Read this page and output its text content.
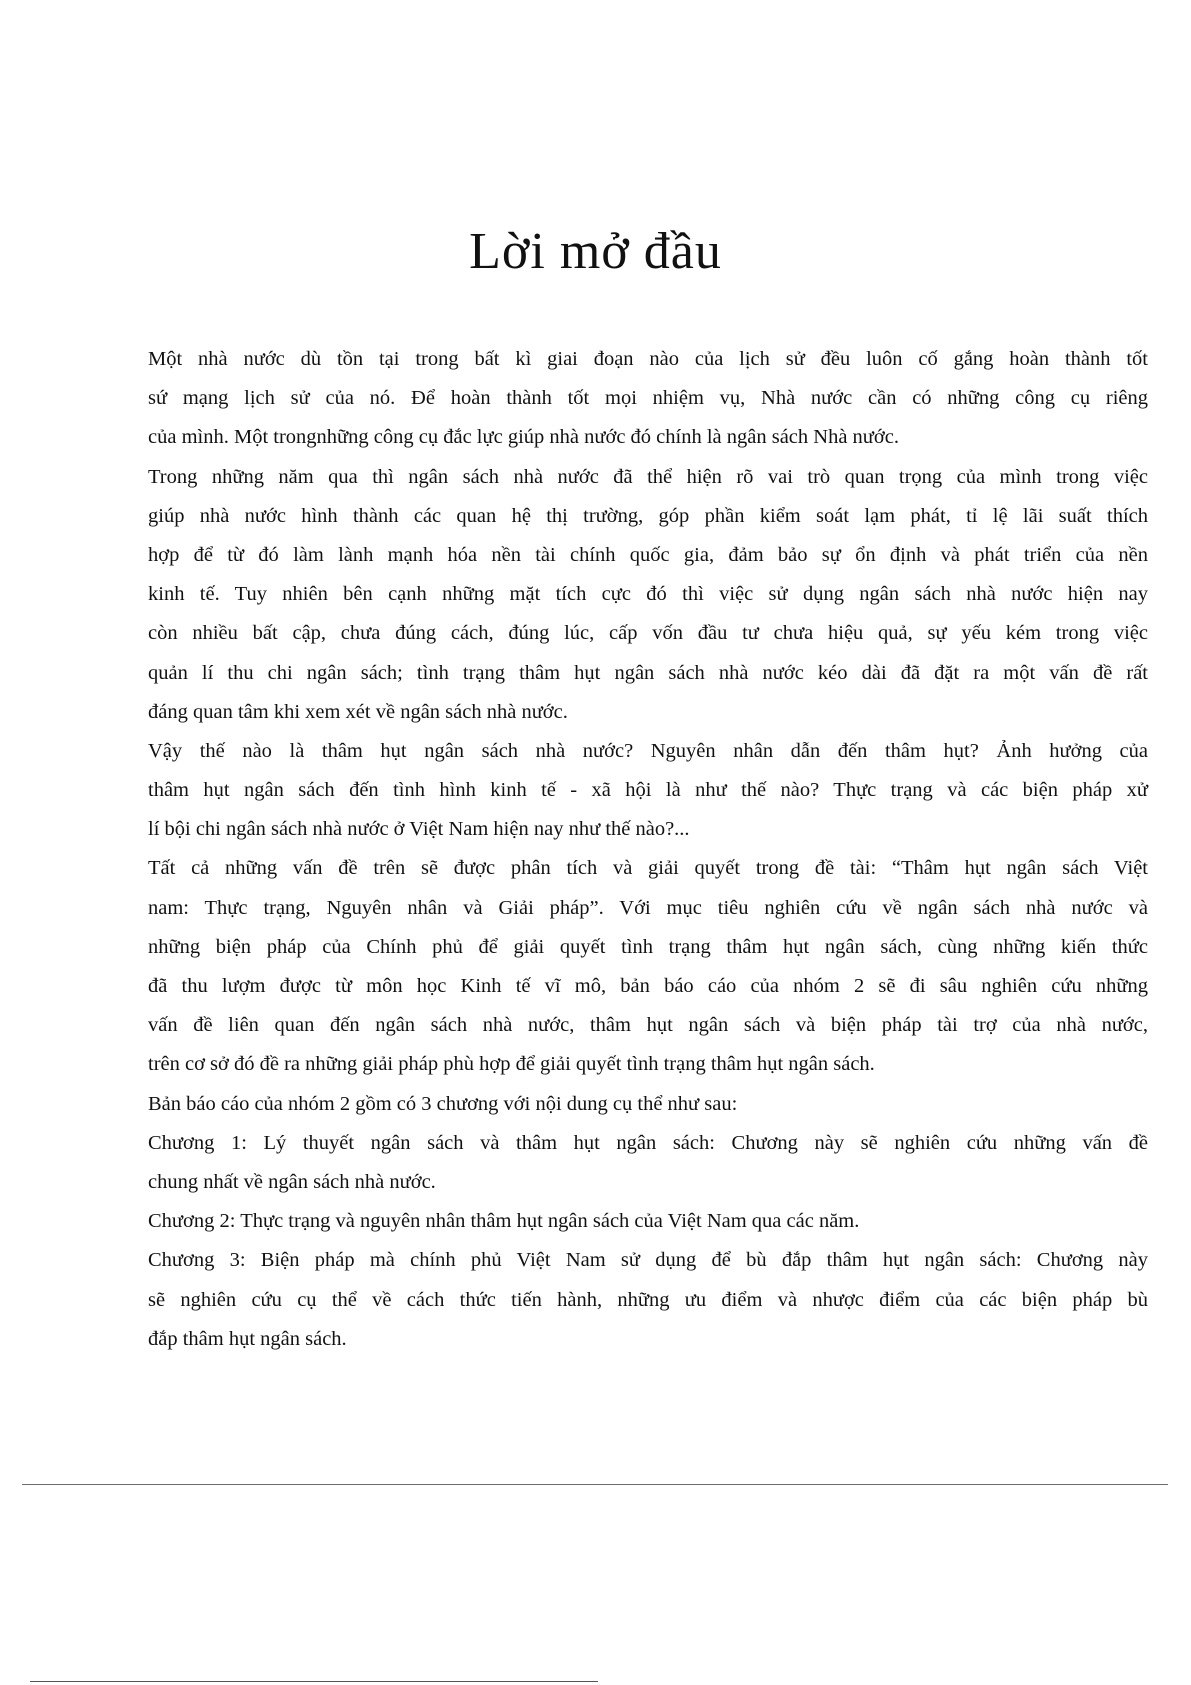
Lời mở đầu
Một nhà nước dù tồn tại trong bất kì giai đoạn nào của lịch sử đều luôn cố gắng hoàn thành tốt
sứ mạng lịch sử của nó. Để hoàn thành tốt mọi nhiệm vụ, Nhà nước cần có những công cụ riêng
của mình. Một trongnhững công cụ đắc lực giúp nhà nước đó chính là ngân sách Nhà nước.
Trong những năm qua thì ngân sách nhà nước đã thể hiện rõ vai trò quan trọng của mình trong việc
giúp nhà nước hình thành các quan hệ thị trường, góp phần kiểm soát lạm phát, tỉ lệ lãi suất thích
hợp để từ đó làm lành mạnh hóa nền tài chính quốc gia, đảm bảo sự ổn định và phát triển của nền
kinh tế. Tuy nhiên bên cạnh những mặt tích cực đó thì việc sử dụng ngân sách nhà nước hiện nay
còn nhiều bất cập, chưa đúng cách, đúng lúc, cấp vốn đầu tư chưa hiệu quả, sự yếu kém trong việc
quản lí thu chi ngân sách; tình trạng thâm hụt ngân sách nhà nước kéo dài đã đặt ra một vấn đề rất
đáng quan tâm khi xem xét về ngân sách nhà nước.
Vậy thế nào là thâm hụt ngân sách nhà nước? Nguyên nhân dẫn đến thâm hụt? Ảnh hưởng của
thâm hụt ngân sách đến tình hình kinh tế - xã hội là như thế nào? Thực trạng và các biện pháp xử
lí bội chi ngân sách nhà nước ở Việt Nam hiện nay như thế nào?...
Tất cả những vấn đề trên sẽ được phân tích và giải quyết trong đề tài: “Thâm hụt ngân sách Việt
nam: Thực trạng, Nguyên nhân và Giải pháp”. Với mục tiêu nghiên cứu về ngân sách nhà nước và
những biện pháp của Chính phủ để giải quyết tình trạng thâm hụt ngân sách, cùng những kiến thức
đã thu lượm được từ môn học Kinh tế vĩ mô, bản báo cáo của nhóm 2 sẽ đi sâu nghiên cứu những
vấn đề liên quan đến ngân sách nhà nước, thâm hụt ngân sách và biện pháp tài trợ của nhà nước,
trên cơ sở đó đề ra những giải pháp phù hợp để giải quyết tình trạng thâm hụt ngân sách.
Bản báo cáo của nhóm 2 gồm có 3 chương với nội dung cụ thể như sau:
Chương 1: Lý thuyết ngân sách và thâm hụt ngân sách: Chương này sẽ nghiên cứu những vấn đề
chung nhất về ngân sách nhà nước.
Chương 2: Thực trạng và nguyên nhân thâm hụt ngân sách của Việt Nam qua các năm.
Chương 3: Biện pháp mà chính phủ Việt Nam sử dụng để bù đắp thâm hụt ngân sách: Chương này
sẽ nghiên cứu cụ thể về cách thức tiến hành, những ưu điểm và nhược điểm của các biện pháp bù
đắp thâm hụt ngân sách.
